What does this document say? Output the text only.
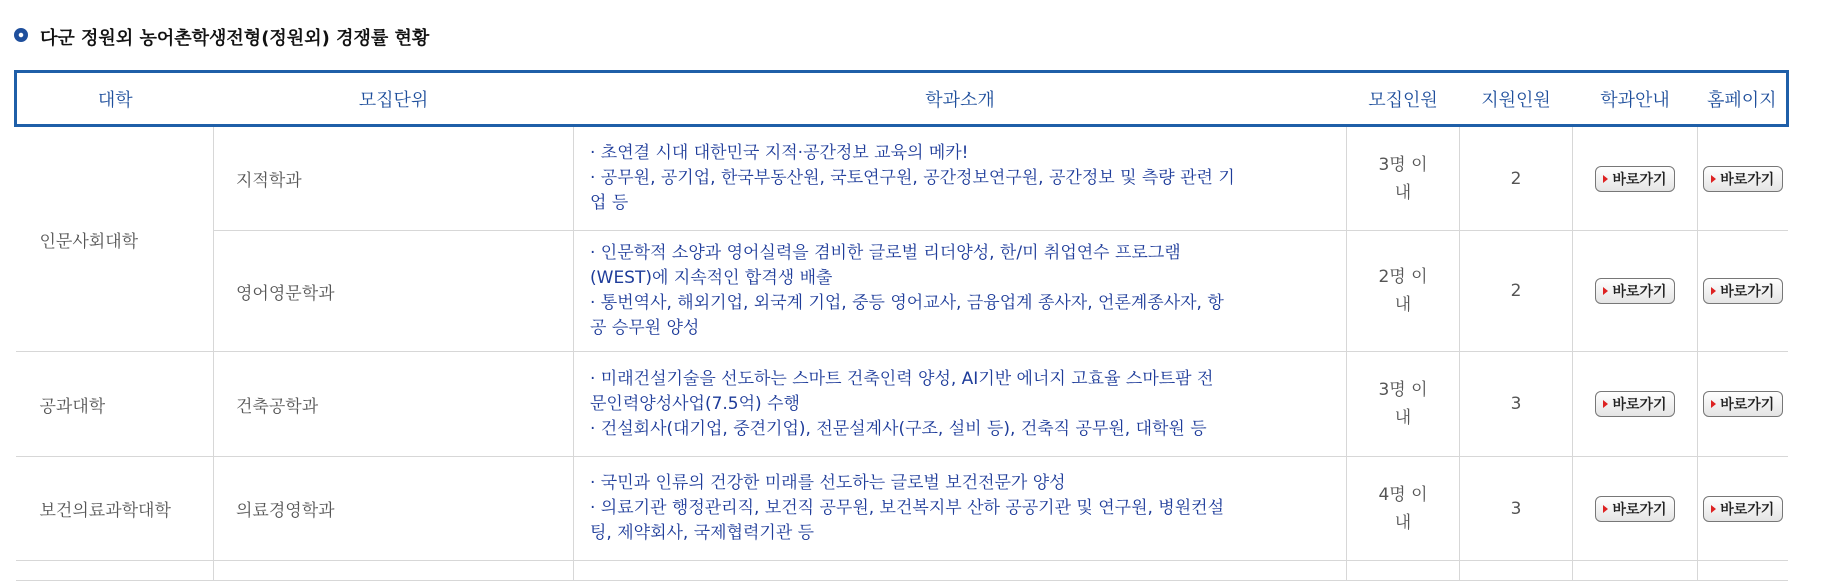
다군 정원외 농어촌학생전형(정원외) 경쟁률 현황
대학	모집단위	학과소개	모집인원	지원인원	학과안내	홈페이지
인문사회대학	지적학과	· 초연결 시대 대한민국 지적·공간정보 교육의 메카!
· 공무원, 공기업, 한국부동산원, 국토연구원, 공간정보연구원, 공간정보 및 측량 관련 기
업 등	3명 이
내	2	바로가기	바로가기

	영어영문학과	· 인문학적 소양과 영어실력을 겸비한 글로벌 리더양성, 한/미 취업연수 프로그램
(WEST)에 지속적인 합격생 배출
· 통번역사, 해외기업, 외국계 기업, 중등 영어교사, 금융업계 종사자, 언론계종사자, 항
공 승무원 양성	2명 이
내	2	바로가기	바로가기

공과대학	건축공학과	· 미래건설기술을 선도하는 스마트 건축인력 양성, AI기반 에너지 고효율 스마트팜 전
문인력양성사업(7.5억) 수행
· 건설회사(대기업, 중견기업), 전문설계사(구조, 설비 등), 건축직 공무원, 대학원 등	3명 이
내	3	바로가기	바로가기

보건의료과학대학	의료경영학과	· 국민과 인류의 건강한 미래를 선도하는 글로벌 보건전문가 양성
· 의료기관 행정관리직, 보건직 공무원, 보건복지부 산하 공공기관 및 연구원, 병원컨설
팅, 제약회사, 국제협력기관 등	4명 이
내	3	바로가기	바로가기
